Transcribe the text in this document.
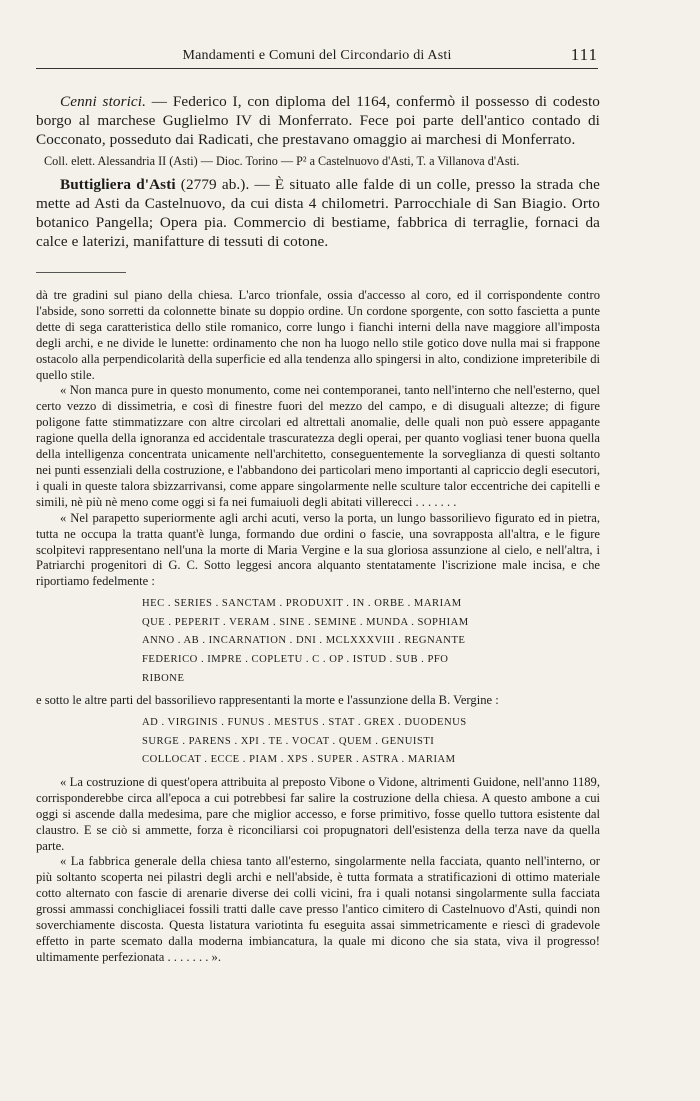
Mandamenti e Comuni del Circondario di Asti	111

Cenni storici. — Federico I, con diploma del 1164, confermò il possesso di codesto borgo al marchese Guglielmo IV di Monferrato. Fece poi parte dell'antico contado di Cocconato, posseduto dai Radicati, che prestavano omaggio ai marchesi di Monferrato.

Coll. elett. Alessandria II (Asti) — Dioc. Torino — P² a Castelnuovo d'Asti, T. a Villanova d'Asti.

Buttigliera d'Asti (2779 ab.). — È situato alle falde di un colle, presso la strada che mette ad Asti da Castelnuovo, da cui dista 4 chilometri. Parrocchiale di San Biagio. Orto botanico Pangella; Opera pia. Commercio di bestiame, fabbrica di terraglie, fornaci da calce e laterizi, manifatture di tessuti di cotone.

dà tre gradini sul piano della chiesa. L'arco trionfale, ossia d'accesso al coro, ed il corrispondente contro l'abside, sono sorretti da colonnette binate su doppio ordine. Un cordone sporgente, con sotto fascietta a punte dette di sega caratteristica dello stile romanico, corre lungo i fianchi interni della nave maggiore all'imposta degli archi, e ne divide le lunette: ordinamento che non ha luogo nello stile gotico dove nulla mai si frappone ostacolo alla perpendicolarità della superficie ed alla tendenza allo spingersi in alto, condizione impreteribile di quello stile.

« Non manca pure in questo monumento, come nei contemporanei, tanto nell'interno che nell'esterno, quel certo vezzo di dissimetria, e così di finestre fuori del mezzo del campo, e di disuguali altezze; di figure poligone fatte stimmatizzare con altre circolari ed altrettali anomalie, delle quali non può essere appagante ragione quella della ignoranza ed accidentale trascuratezza degli operai, per quanto vogliasi tener buona quella della intelligenza concentrata unicamente nell'architetto, conseguentemente la sorveglianza di questi soltanto nei punti essenziali della costruzione, e l'abbandono dei particolari meno importanti al capriccio degli esecutori, i quali in queste talora sbizzarrivansi, come appare singolarmente nelle sculture talor eccentriche dei capitelli e simili, nè più nè meno come oggi si fa nei fumaiuoli degli abitati villerecci . . . . . . .

« Nel parapetto superiormente agli archi acuti, verso la porta, un lungo bassorilievo figurato ed in pietra, tutta ne occupa la tratta quant'è lunga, formando due ordini o fascie, una sovrapposta all'altra, e le figure scolpitevi rappresentano nell'una la morte di Maria Vergine e la sua gloriosa assunzione al cielo, e nell'altra, i Patriarchi progenitori di G. C. Sotto leggesi ancora alquanto stentatamente l'iscrizione male incisa, e che riportiamo fedelmente :

HEC . SERIES . SANCTAM . PRODUXIT . IN . ORBE . MARIAM
QUE . PEPERIT . VERAM . SINE . SEMINE . MUNDA . SOPHIAM
ANNO . AB . INCARNATION . DNI . MCLXXXVIII . REGNANTE
FEDERICO . IMPRE . COPLETU . C . OP . ISTUD . SUB . PFO
RIBONE

e sotto le altre parti del bassorilievo rappresentanti la morte e l'assunzione della B. Vergine :

AD . VIRGINIS . FUNUS . MESTUS . STAT . GREX . DUODENUS
SURGE . PARENS . XPI . TE . VOCAT . QUEM . GENUISTI
COLLOCAT . ECCE . PIAM . XPS . SUPER . ASTRA . MARIAM

« La costruzione di quest'opera attribuita al preposto Vibone o Vidone, altrimenti Guidone, nell'anno 1189, corrisponderebbe circa all'epoca a cui potrebbesi far salire la costruzione della chiesa. A questo ambone a cui oggi si ascende dalla medesima, pare che miglior accesso, e forse primitivo, fosse quello tuttora esistente dal claustro. E se ciò si ammette, forza è riconciliarsi coi propugnatori dell'esistenza della terza nave da quella parte.

« La fabbrica generale della chiesa tanto all'esterno, singolarmente nella facciata, quanto nell'interno, or più soltanto scoperta nei pilastri degli archi e nell'abside, è tutta formata a stratificazioni di ottimo materiale cotto alternato con fascie di arenarie diverse dei colli vicini, fra i quali notansi singolarmente sulla facciata grossi ammassi conchigliacei fossili tratti dalle cave presso l'antico cimitero di Castelnuovo d'Asti, quindi non soverchiamente discosta. Questa listatura variotinta fu eseguita assai simmetricamente e riescì di gradevole effetto in parte scemato dalla moderna imbiancatura, la quale mi dicono che sia stata, viva il progresso! ultimamente perfezionata . . . . . . . ».
